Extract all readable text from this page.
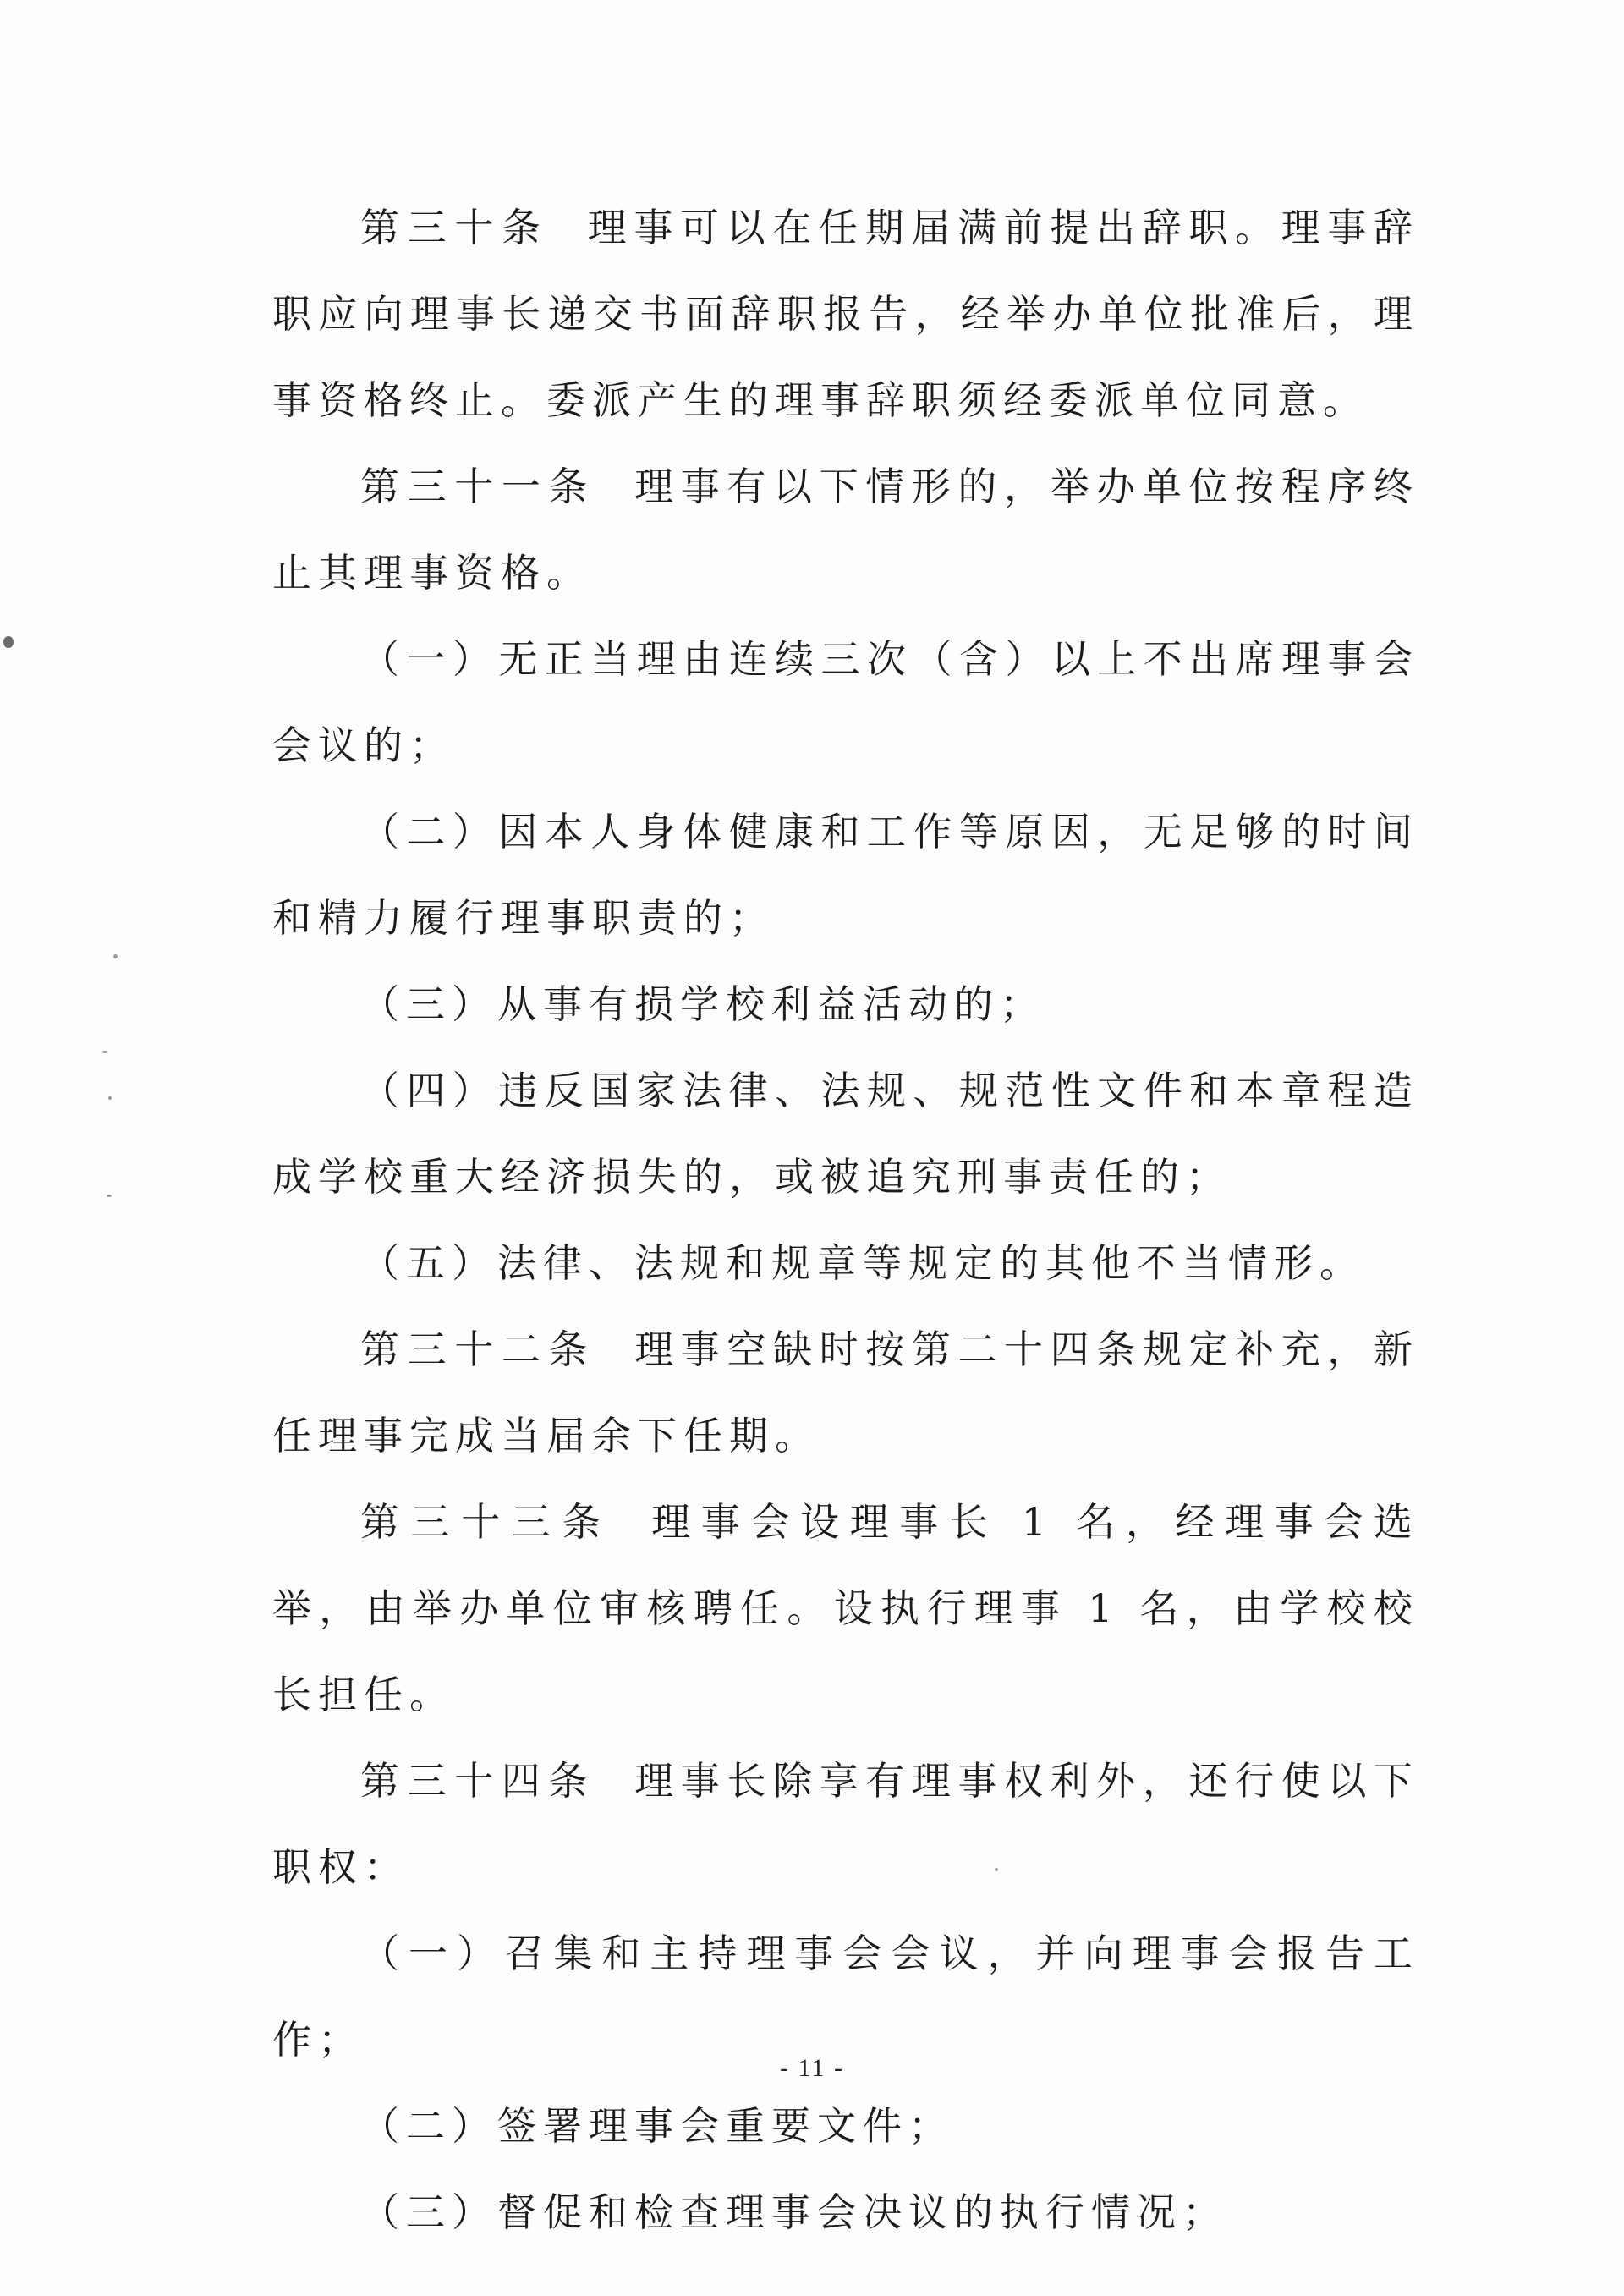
第三十条 理事可以在任期届满前提出辞职。理事辞职应向理事长递交书面辞职报告，经举办单位批准后，理事资格终止。委派产生的理事辞职须经委派单位同意。

第三十一条 理事有以下情形的，举办单位按程序终止其理事资格。

（一）无正当理由连续三次（含）以上不出席理事会会议的；

（二）因本人身体健康和工作等原因，无足够的时间和精力履行理事职责的；

（三）从事有损学校利益活动的；

（四）违反国家法律、法规、规范性文件和本章程造成学校重大经济损失的，或被追究刑事责任的；

（五）法律、法规和规章等规定的其他不当情形。

第三十二条 理事空缺时按第二十四条规定补充，新任理事完成当届余下任期。

第三十三条 理事会设理事长 1 名，经理事会选举，由举办单位审核聘任。设执行理事 1 名，由学校校长担任。

第三十四条 理事长除享有理事权利外，还行使以下职权：

（一）召集和主持理事会会议，并向理事会报告工作；

（二）签署理事会重要文件；

（三）督促和检查理事会决议的执行情况；

- 11 -
